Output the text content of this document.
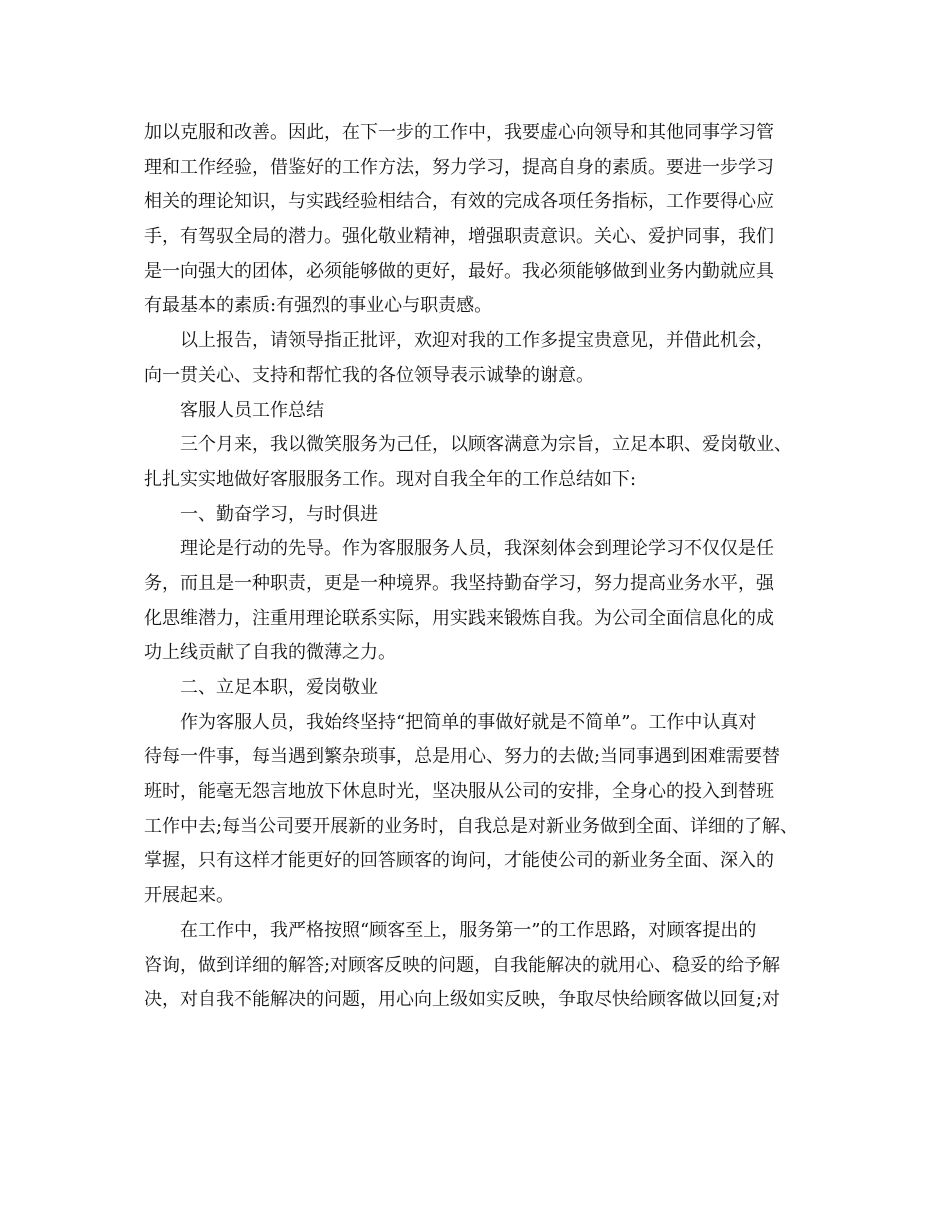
加以克服和改善。因此，在下一步的工作中，我要虚心向领导和其他同事学习管
理和工作经验，借鉴好的工作方法，努力学习，提高自身的素质。要进一步学习
相关的理论知识，与实践经验相结合，有效的完成各项任务指标，工作要得心应
手，有驾驭全局的潜力。强化敬业精神，增强职责意识。关心、爱护同事，我们
是一向强大的团体，必须能够做的更好，最好。我必须能够做到业务内勤就应具
有最基本的素质:有强烈的事业心与职责感。
以上报告，请领导指正批评，欢迎对我的工作多提宝贵意见，并借此机会，
向一贯关心、支持和帮忙我的各位领导表示诚挚的谢意。
客服人员工作总结
三个月来，我以微笑服务为己任，以顾客满意为宗旨，立足本职、爱岗敬业、
扎扎实实地做好客服服务工作。现对自我全年的工作总结如下:
一、勤奋学习，与时俱进
理论是行动的先导。作为客服服务人员，我深刻体会到理论学习不仅仅是任
务，而且是一种职责，更是一种境界。我坚持勤奋学习，努力提高业务水平，强
化思维潜力，注重用理论联系实际，用实践来锻炼自我。为公司全面信息化的成
功上线贡献了自我的微薄之力。
二、立足本职，爱岗敬业
作为客服人员，我始终坚持“把简单的事做好就是不简单”。工作中认真对
待每一件事，每当遇到繁杂琐事，总是用心、努力的去做;当同事遇到困难需要替
班时，能毫无怨言地放下休息时光，坚决服从公司的安排，全身心的投入到替班
工作中去;每当公司要开展新的业务时，自我总是对新业务做到全面、详细的了解、
掌握，只有这样才能更好的回答顾客的询问，才能使公司的新业务全面、深入的
开展起来。
在工作中，我严格按照“顾客至上，服务第一”的工作思路，对顾客提出的
咨询，做到详细的解答;对顾客反映的问题，自我能解决的就用心、稳妥的给予解
决，对自我不能解决的问题，用心向上级如实反映，争取尽快给顾客做以回复;对
